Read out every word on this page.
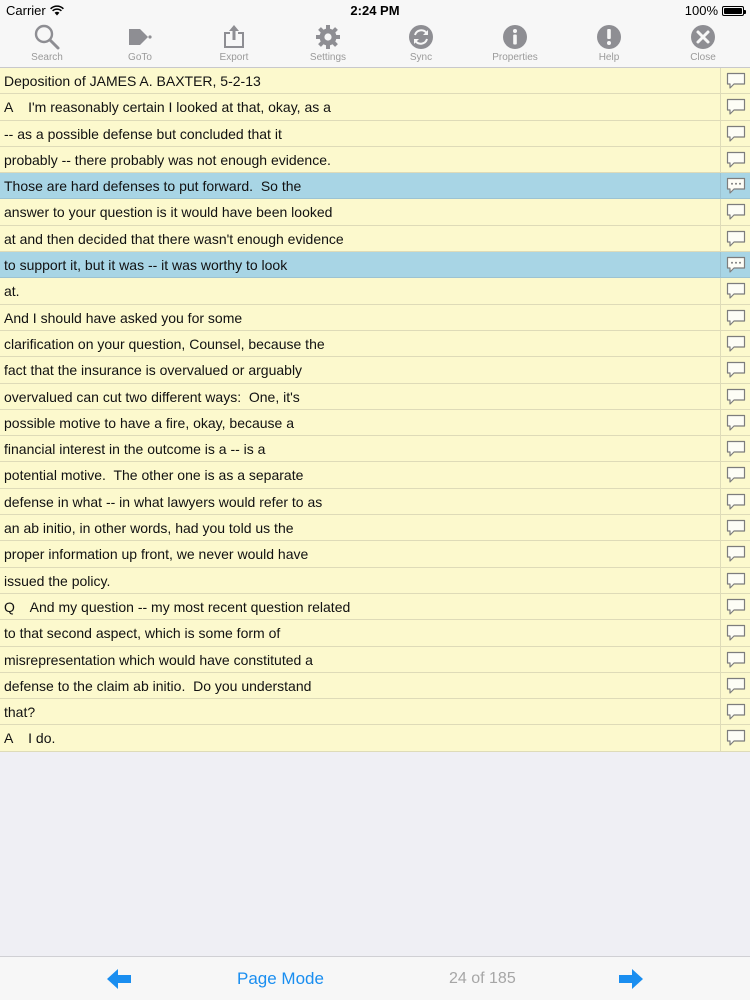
Carrier	2:24 PM	100%
Search	GoTo	Export	Settings	Sync	Properties	Help	Close
Deposition of JAMES A. BAXTER, 5-2-13
A    I'm reasonably certain I looked at that, okay, as a
-- as a possible defense but concluded that it
probably -- there probably was not enough evidence.
Those are hard defenses to put forward.  So the
answer to your question is it would have been looked
at and then decided that there wasn't enough evidence
to support it, but it was -- it was worthy to look
at.
And I should have asked you for some
clarification on your question, Counsel, because the
fact that the insurance is overvalued or arguably
overvalued can cut two different ways:  One, it's
possible motive to have a fire, okay, because a
financial interest in the outcome is a -- is a
potential motive.  The other one is as a separate
defense in what -- in what lawyers would refer to as
an ab initio, in other words, had you told us the
proper information up front, we never would have
issued the policy.
Q    And my question -- my most recent question related
to that second aspect, which is some form of
misrepresentation which would have constituted a
defense to the claim ab initio.  Do you understand
that?
A    I do.
Page Mode	24 of 185
